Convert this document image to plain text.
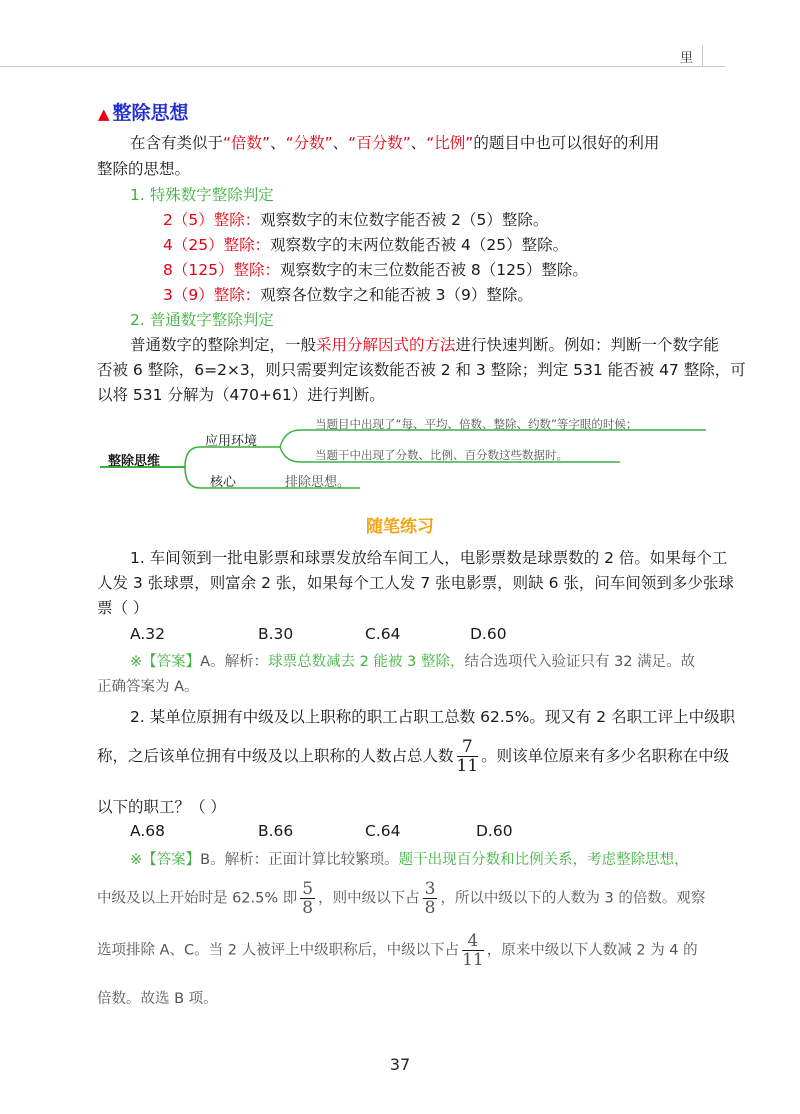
里
▲ 整除思想
在含有类似于“倍数”、“分数”、“百分数”、“比例”的题目中也可以很好的利用
整除的思想。
1. 特殊数字整除判定
2（5）整除：观察数字的末位数字能否被 2（5）整除。
4（25）整除：观察数字的末两位数能否被 4（25）整除。
8（125）整除：观察数字的末三位数能否被 8（125）整除。
3（9）整除：观察各位数字之和能否被 3（9）整除。
2. 普通数字整除判定
普通数字的整除判定，一般采用分解因式的方法进行快速判断。例如：判断一个数字能
否被 6 整除，6=2×3，则只需要判定该数能否被 2 和 3 整除；判定 531 能否被 47 整除，可
以将 531 分解为（470+61）进行判断。
整除思维
应用环境
当题目中出现了“每、平均、倍数、整除、约数”等字眼的时候；
当题干中出现了分数、比例、百分数这些数据时。
核心	排除思想。
随笔练习
1. 车间领到一批电影票和球票发放给车间工人，电影票数是球票数的 2 倍。如果每个工
人发 3 张球票，则富余 2 张，如果每个工人发 7 张电影票，则缺 6 张，问车间领到多少张球
票（ ）
A.32	B.30	C.64	D.60
※【答案】A。解析：球票总数减去 2 能被 3 整除，结合选项代入验证只有 32 满足。故
正确答案为 A。
2. 某单位原拥有中级及以上职称的职工占职工总数 62.5%。现又有 2 名职工评上中级职
称，之后该单位拥有中级及以上职称的人数占总人数 $\frac{7}{11}$ 。则该单位原来有多少名职称在中级
以下的职工？（ ）
A.68	B.66	C.64	D.60
※【答案】B。解析：正面计算比较繁琐。题干出现百分数和比例关系，考虑整除思想，
中级及以上开始时是 62.5% 即 $\frac{5}{8}$ ，则中级以下占 $\frac{3}{8}$ ，所以中级以下的人数为 3 的倍数。观察
选项排除 A、C。当 2 人被评上中级职称后，中级以下占 $\frac{4}{11}$ ，原来中级以下人数减 2 为 4 的
倍数。故选 B 项。
37
